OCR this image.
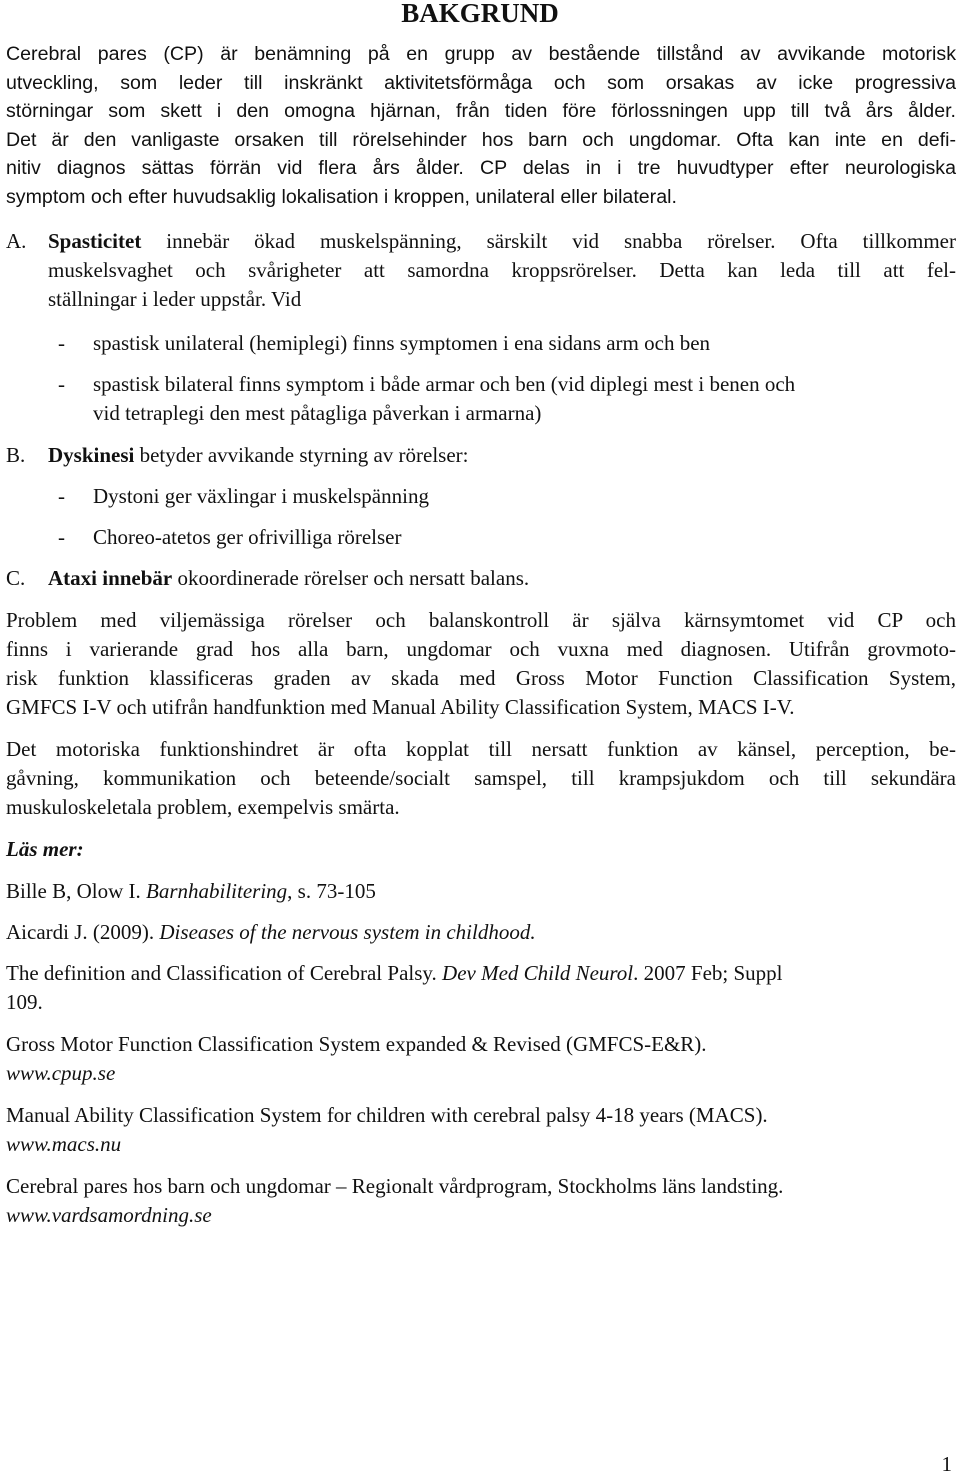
BAKGRUND
Cerebral pares (CP) är benämning på en grupp av bestående tillstånd av avvikande motorisk
utveckling, som leder till inskränkt aktivitetsförmåga och som orsakas av icke progressiva
störningar som skett i den omogna hjärnan, från tiden före förlossningen upp till två års ålder.
Det är den vanligaste orsaken till rörelsehinder hos barn och ungdomar. Ofta kan inte en defi-
nitiv diagnos sättas förrän vid flera års ålder. CP delas in i tre huvudtyper efter neurologiska
symptom och efter huvudsaklig lokalisation i kroppen, unilateral eller bilateral.
A. Spasticitet innebär ökad muskelspänning, särskilt vid snabba rörelser. Ofta tillkommer
muskelsvaghet och svårigheter att samordna kroppsrörelser. Detta kan leda till att fel-
ställningar i leder uppstår. Vid
- spastisk unilateral (hemiplegi) finns symptomen i ena sidans arm och ben
- spastisk bilateral finns symptom i både armar och ben (vid diplegi mest i benen och
vid tetraplegi den mest påtagliga påverkan i armarna)
B. Dyskinesi betyder avvikande styrning av rörelser:
- Dystoni ger växlingar i muskelspänning
- Choreo-atetos ger ofrivilliga rörelser
C. Ataxi innebär okoordinerade rörelser och nersatt balans.
Problem med viljemässiga rörelser och balanskontroll är själva kärnsymtomet vid CP och
finns i varierande grad hos alla barn, ungdomar och vuxna med diagnosen. Utifrån grovmoto-
risk funktion klassificeras graden av skada med Gross Motor Function Classification System,
GMFCS I-V och utifrån handfunktion med Manual Ability Classification System, MACS I-V.
Det motoriska funktionshindret är ofta kopplat till nersatt funktion av känsel, perception, be-
gåvning, kommunikation och beteende/socialt samspel, till krampsjukdom och till sekundära
muskuloskeletala problem, exempelvis smärta.
Läs mer:
Bille B, Olow I. Barnhabilitering, s. 73-105
Aicardi J. (2009). Diseases of the nervous system in childhood.
The definition and Classification of Cerebral Palsy. Dev Med Child Neurol. 2007 Feb; Suppl
109.
Gross Motor Function Classification System expanded & Revised (GMFCS-E&R).
www.cpup.se
Manual Ability Classification System for children with cerebral palsy 4-18 years (MACS).
www.macs.nu
Cerebral pares hos barn och ungdomar – Regionalt vårdprogram, Stockholms läns landsting.
www.vardsamordning.se
1
